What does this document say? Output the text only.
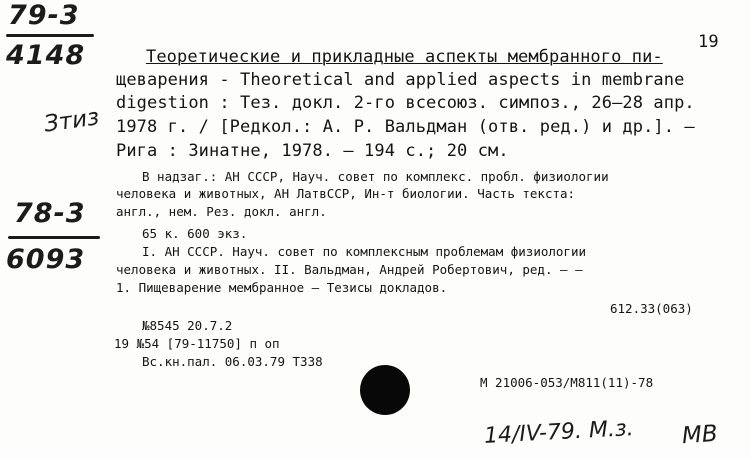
79-3
4148
Зтиз
78-3
6093
19
Теоретические и прикладные аспекты мембранного пи-
щеварения - Theoretical and applied aspects in membrane
digestion : Тез. докл. 2-го всесоюз. симпоз., 26—28 апр.
1978 г. / [Редкол.: А. Р. Вальдман (отв. ред.) и др.]. —
Рига : Зинатне, 1978. — 194 с.; 20 см.
В надзаг.: АН СССР, Науч. совет по комплекс. пробл. физиологии
человека и животных, АН ЛатвССР, Ин-т биологии. Часть текста:
англ., нем. Рез. докл. англ.
65 к. 600 экз.
I. АН СССР. Науч. совет по комплексным проблемам физиологии
человека и животных. II. Вальдман, Андрей Робертович, ред. — —
1. Пищеварение мембранное — Тезисы докладов.
612.33(063)
№8545 20.7.2
19 №54 [79-11750] п оп
Вс.кн.пал. 06.03.79 Т338
М 21006-053/М811(11)-78
14/IV-79. М.з. МВ
